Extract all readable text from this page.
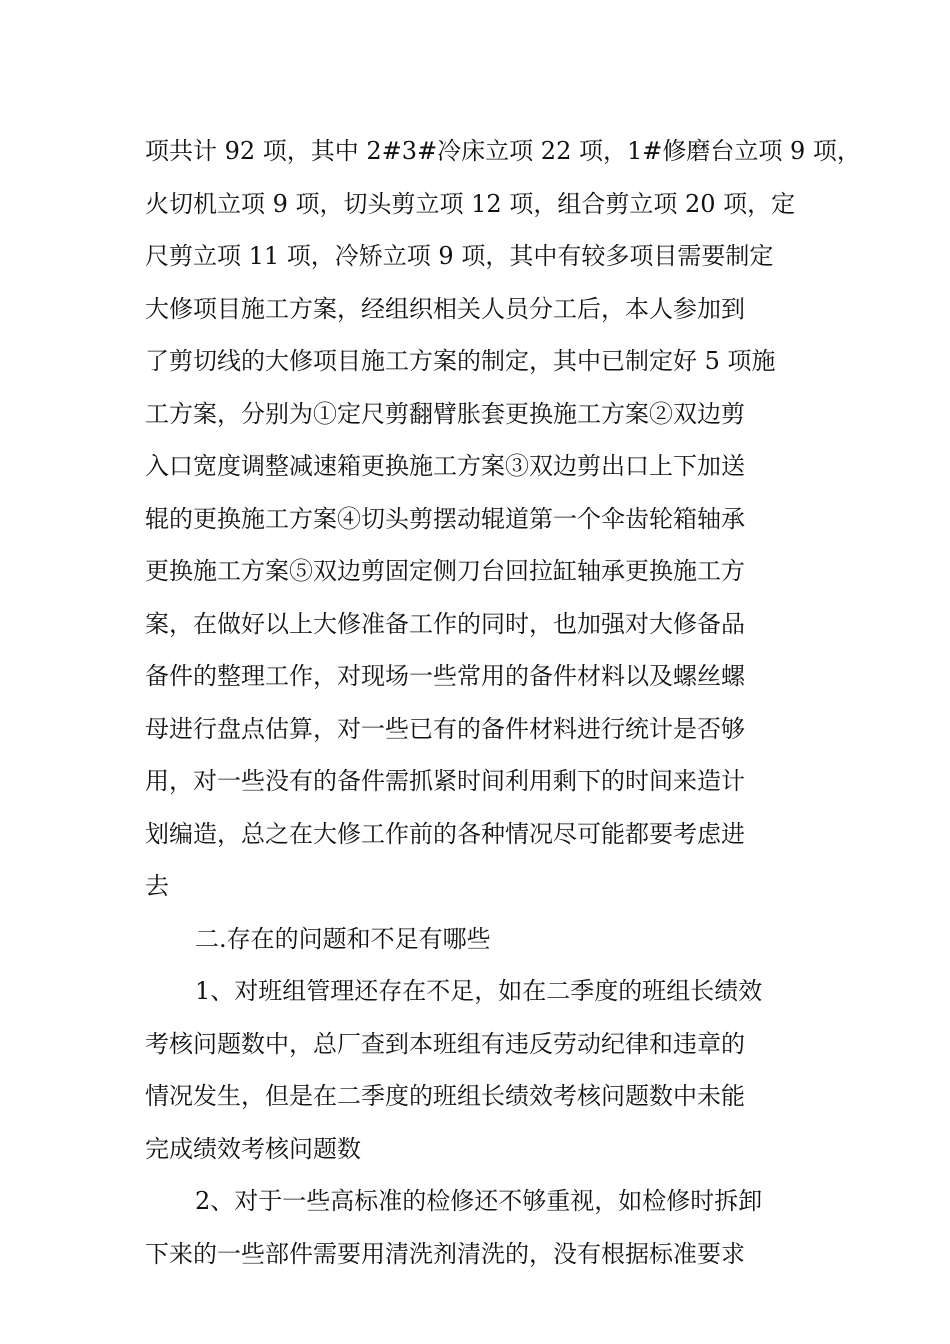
项共计 92 项，其中 2#3#冷床立项 22 项，1#修磨台立项 9 项，
火切机立项 9 项，切头剪立项 12 项，组合剪立项 20 项，定
尺剪立项 11 项，冷矫立项 9 项，其中有较多项目需要制定
大修项目施工方案，经组织相关人员分工后，本人参加到
了剪切线的大修项目施工方案的制定，其中已制定好 5 项施
工方案，分别为①定尺剪翻臂胀套更换施工方案②双边剪
入口宽度调整减速箱更换施工方案③双边剪出口上下加送
辊的更换施工方案④切头剪摆动辊道第一个伞齿轮箱轴承
更换施工方案⑤双边剪固定侧刀台回拉缸轴承更换施工方
案，在做好以上大修准备工作的同时，也加强对大修备品
备件的整理工作，对现场一些常用的备件材料以及螺丝螺
母进行盘点估算，对一些已有的备件材料进行统计是否够
用，对一些没有的备件需抓紧时间利用剩下的时间来造计
划编造，总之在大修工作前的各种情况尽可能都要考虑进
去
二.存在的问题和不足有哪些
1、对班组管理还存在不足，如在二季度的班组长绩效
考核问题数中，总厂查到本班组有违反劳动纪律和违章的
情况发生，但是在二季度的班组长绩效考核问题数中未能
完成绩效考核问题数
2、对于一些高标准的检修还不够重视，如检修时拆卸
下来的一些部件需要用清洗剂清洗的，没有根据标准要求
